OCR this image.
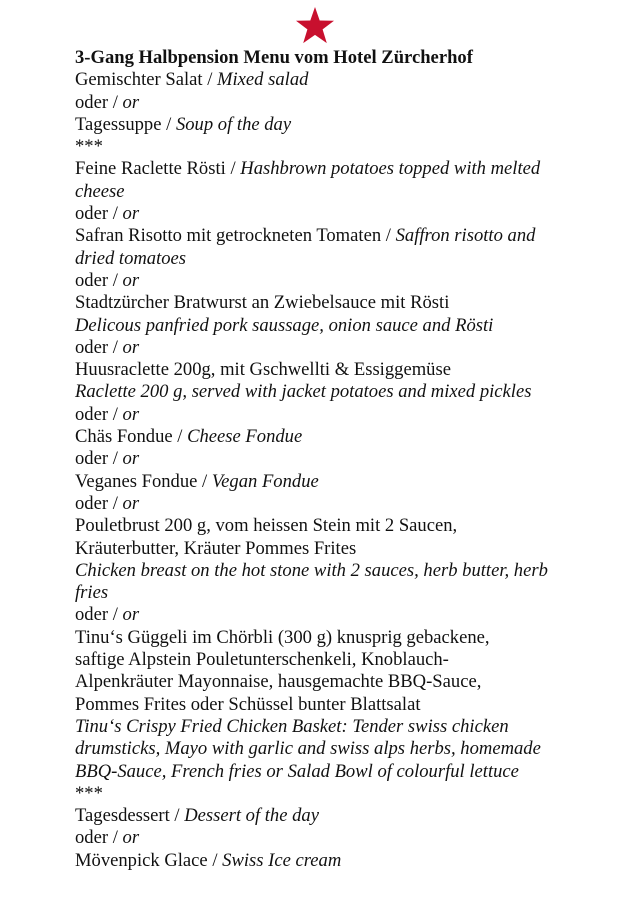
3-Gang Halbpension Menu vom Hotel Zürcherhof
Gemischter Salat / Mixed salad
oder / or
Tagessuppe / Soup of the day
***
Feine Raclette Rösti / Hashbrown potatoes topped with melted cheese
oder / or
Safran Risotto mit getrockneten Tomaten / Saffron risotto and dried tomatoes
oder / or
Stadtzürcher Bratwurst an Zwiebelsauce mit Rösti
Delicous panfried pork saussage, onion sauce and Rösti
oder / or
Huusraclette 200g, mit Gschwellti & Essiggemüse
Raclette 200 g, served with jacket potatoes and mixed pickles
oder / or
Chäs Fondue / Cheese Fondue
oder / or
Veganes Fondue / Vegan Fondue
oder / or
Pouletbrust 200 g, vom heissen Stein mit 2 Saucen,
Kräuterbutter, Kräuter Pommes Frites
Chicken breast on the hot stone with 2 sauces, herb butter, herb fries
oder / or
Tinu‘s Güggeli im Chörbli (300 g) knusprig gebackene,
saftige Alpstein Pouletunterschenkeli, Knoblauch-
Alpenkräuter Mayonnaise, hausgemachte BBQ-Sauce,
Pommes Frites oder Schüssel bunter Blattsalat
Tinu‘s Crispy Fried Chicken Basket: Tender swiss chicken drumsticks, Mayo with garlic and swiss alps herbs, homemade BBQ-Sauce, French fries or Salad Bowl of colourful lettuce
***
Tagesdessert / Dessert of the day
oder / or
Mövenpick Glace / Swiss Ice cream
